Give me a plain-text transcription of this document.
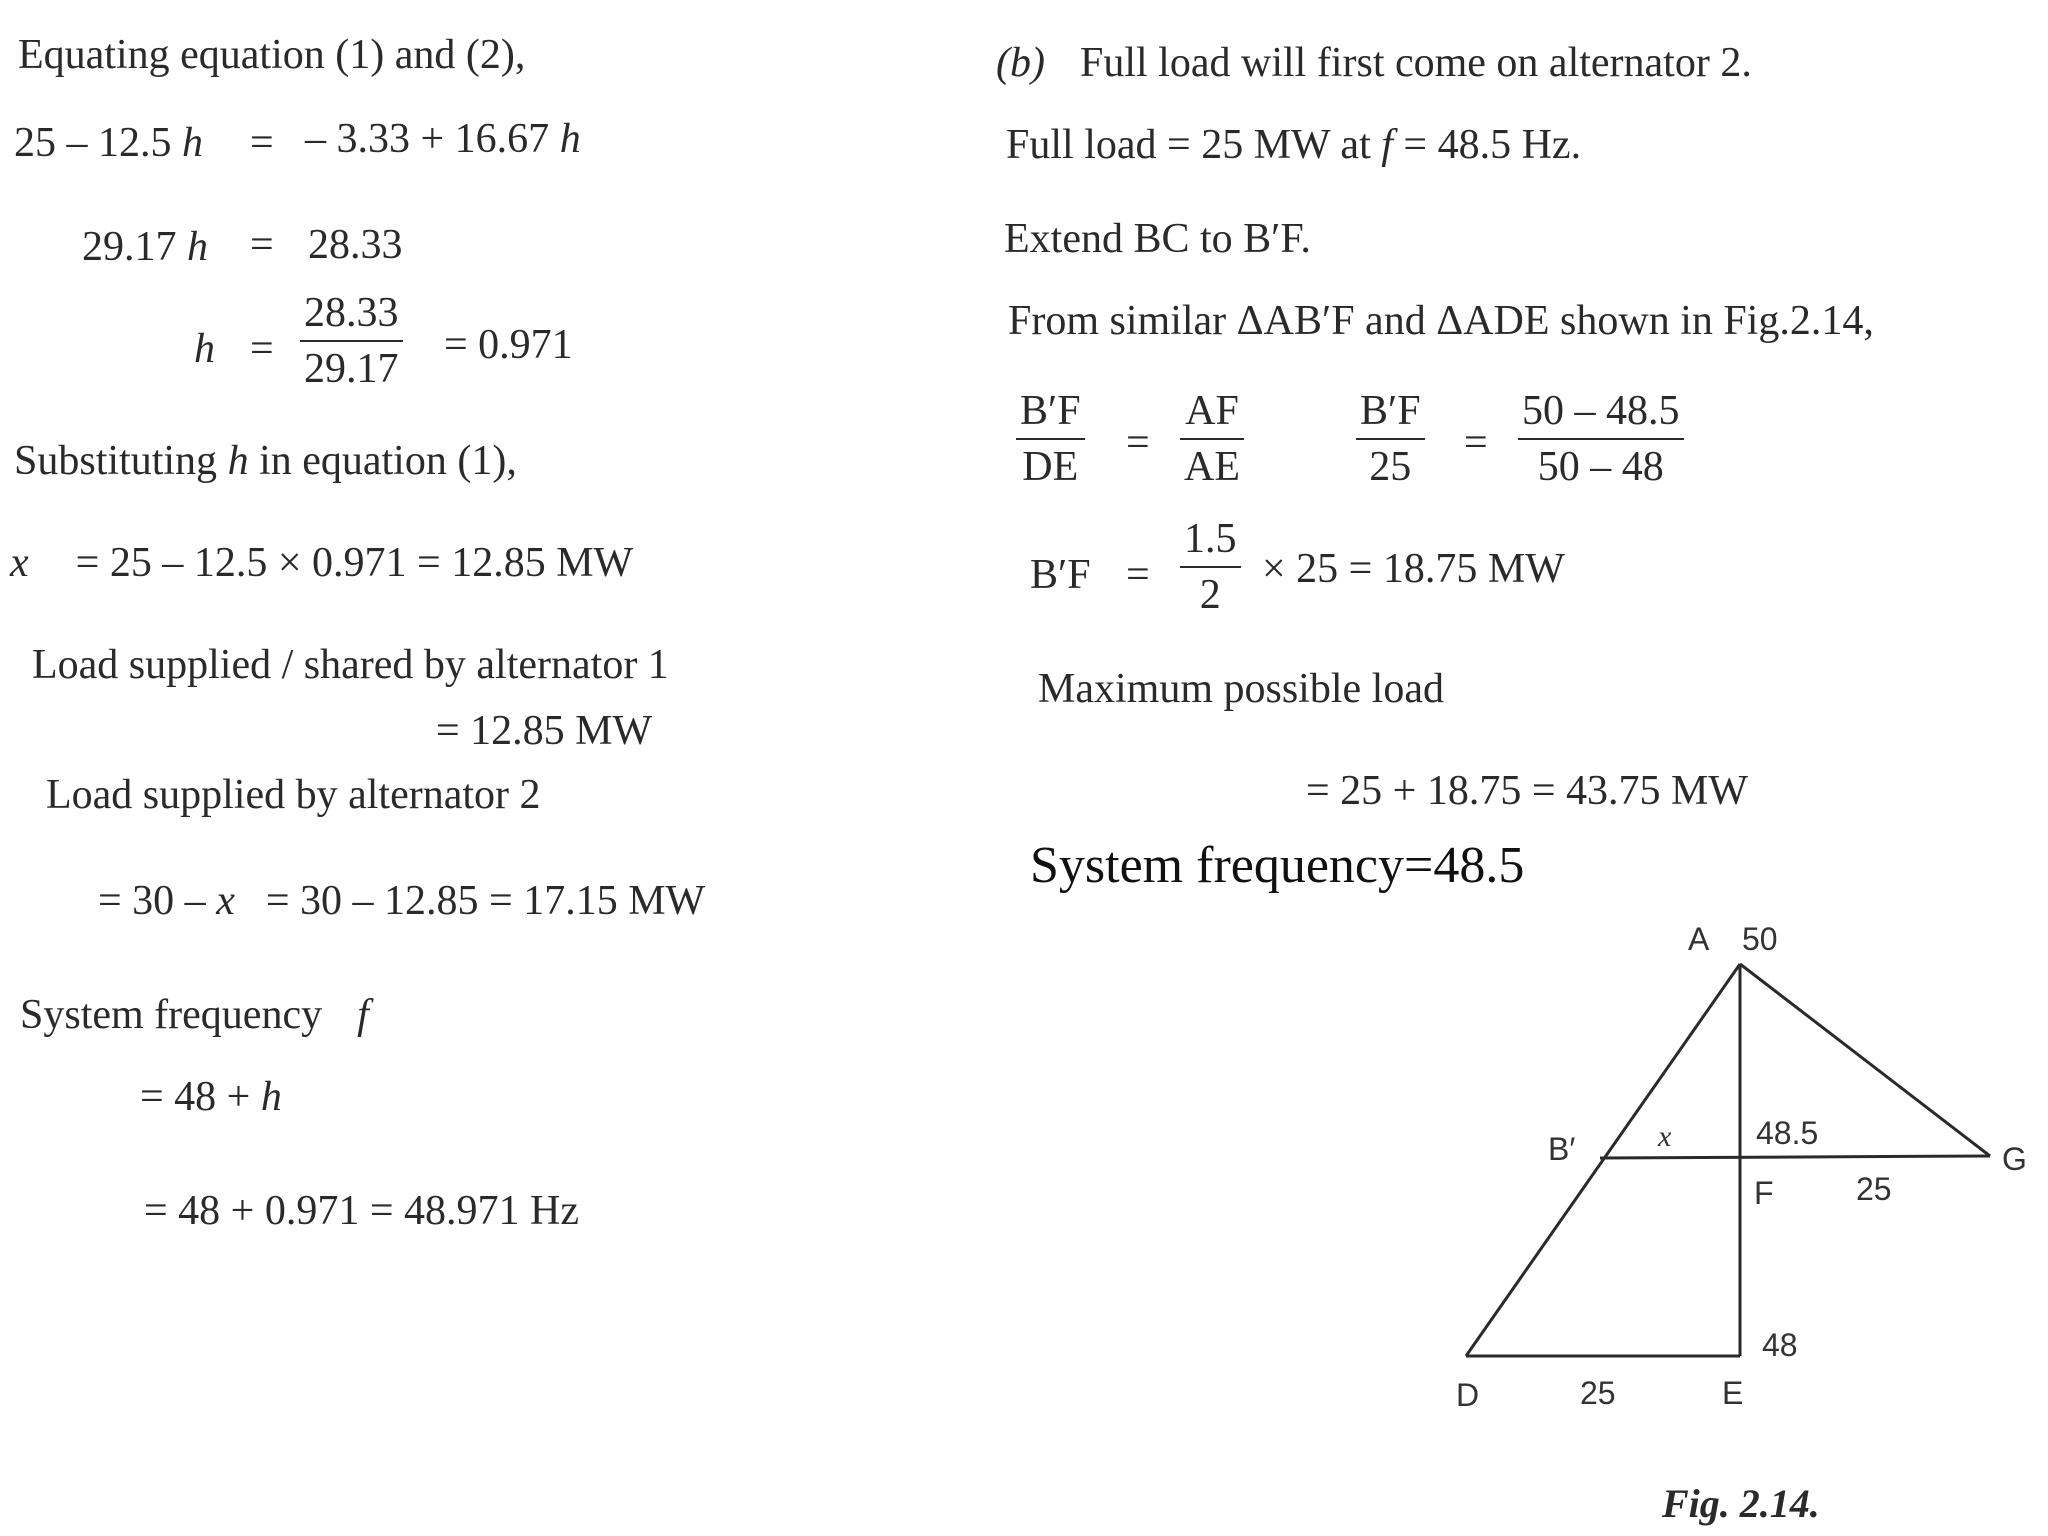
Equating equation (1) and (2),
25 – 12.5 h = – 3.33 + 16.67 h
29.17 h = 28.33
h =
28.33
29.17
= 0.971
Substituting h in equation (1),
x = 25 – 12.5 × 0.971 = 12.85 MW
Load supplied / shared by alternator 1
= 12.85 MW
Load supplied by alternator 2
= 30 – x = 30 – 12.85 = 17.15 MW
System frequency f
= 48 + h
= 48 + 0.971 = 48.971 Hz
(b) Full load will first come on alternator 2.
Full load = 25 MW at f = 48.5 Hz.
Extend BC to B′F.
From similar ΔAB′F and ΔADE shown in Fig.2.14,
B′F
DE
=
AF
AE
B′F
25
=
50 – 48.5
50 – 48
B′F =
1.5
2
× 25 = 18.75 MW
Maximum possible load
= 25 + 18.75 = 43.75 MW
System frequency=48.5
A 50
B′	x	48.5
G
F	25
48
D	25	E
Fig. 2.14.
